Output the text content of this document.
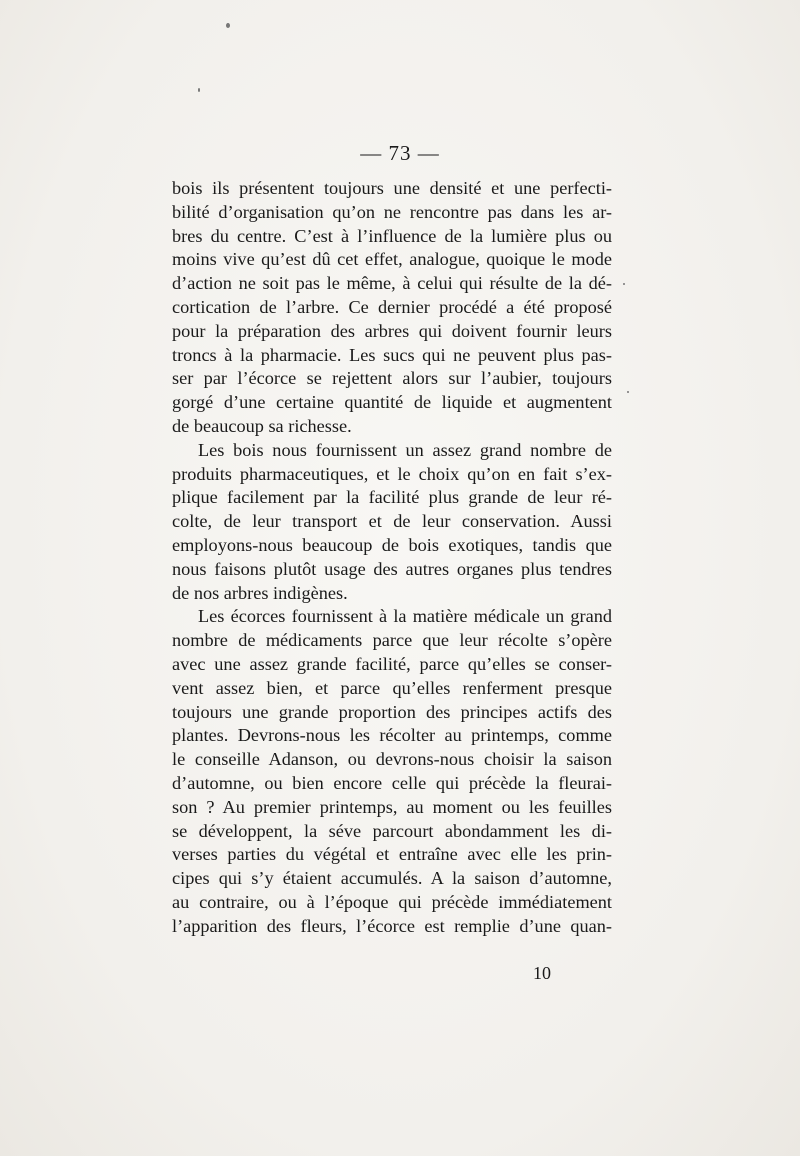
— 73 —
bois ils présentent toujours une densité et une perfecti-
bilité d’organisation qu’on ne rencontre pas dans les ar-
bres du centre. C’est à l’influence de la lumière plus ou
moins vive qu’est dû cet effet, analogue, quoique le mode
d’action ne soit pas le même, à celui qui résulte de la dé-
cortication de l’arbre. Ce dernier procédé a été proposé
pour la préparation des arbres qui doivent fournir leurs
troncs à la pharmacie. Les sucs qui ne peuvent plus pas-
ser par l’écorce se rejettent alors sur l’aubier, toujours
gorgé d’une certaine quantité de liquide et augmentent
de beaucoup sa richesse.
Les bois nous fournissent un assez grand nombre de
produits pharmaceutiques, et le choix qu’on en fait s’ex-
plique facilement par la facilité plus grande de leur ré-
colte, de leur transport et de leur conservation. Aussi
employons-nous beaucoup de bois exotiques, tandis que
nous faisons plutôt usage des autres organes plus tendres
de nos arbres indigènes.
Les écorces fournissent à la matière médicale un grand
nombre de médicaments parce que leur récolte s’opère
avec une assez grande facilité, parce qu’elles se conser-
vent assez bien, et parce qu’elles renferment presque
toujours une grande proportion des principes actifs des
plantes. Devrons-nous les récolter au printemps, comme
le conseille Adanson, ou devrons-nous choisir la saison
d’automne, ou bien encore celle qui précède la fleurai-
son ? Au premier printemps, au moment ou les feuilles
se développent, la séve parcourt abondamment les di-
verses parties du végétal et entraîne avec elle les prin-
cipes qui s’y étaient accumulés. A la saison d’automne,
au contraire, ou à l’époque qui précède immédiatement
l’apparition des fleurs, l’écorce est remplie d’une quan-
10
